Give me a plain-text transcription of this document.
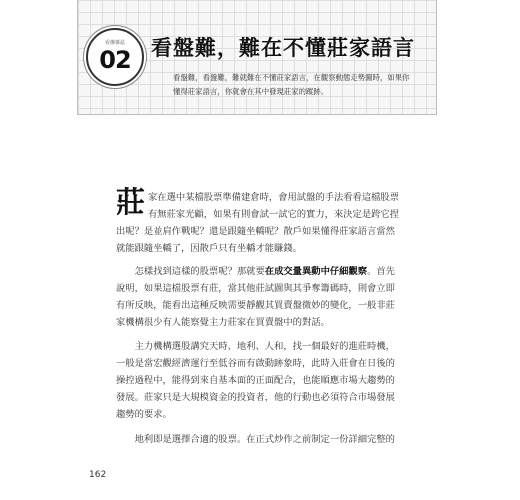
看盤雜誌
02 看盤難，難在不懂莊家語言
看盤難，看盤難，難就難在不懂莊家語言，在觀察動態走勢圖時，如果你
懂得莊家語言，你就會在其中發現莊家的蹤跡。
莊 家在選中某檔股票準備建倉時，會用試盤的手法看看這檔股票
有無莊家光顧，如果有則會試一試它的實力，來決定是跨它捏
出呢？是並肩作戰呢？還是跟隨坐轎呢？散戶如果懂得莊家語言當然
就能跟隨坐轎了，因散戶只有坐轎才能賺錢。
　　怎樣找到這樣的股票呢？那就要在成交量異動中仔細觀察。首先
說明，如果這檔股票有莊，當其他莊試圖與其爭奪籌碼時，則會立即
有所反映，能看出這種反映需要靜觀其買賣盤微妙的變化，一般非莊
家機構很少有人能察覺主力莊家在買賣盤中的對話。
　　主力機構選股講究天時、地利、人和，找一個最好的進莊時機，
一般是當宏觀經濟運行至低谷而有啟動跡象時，此時入莊會在日後的
操控過程中，能得到來自基本面的正面配合，也能順應市場大趨勢的
發展。莊家只是大規模資金的投資者，他的行動也必須符合市場發展
趨勢的要求。
　　地利即是選擇合適的股票。在正式炒作之前制定一份詳細完整的
162
